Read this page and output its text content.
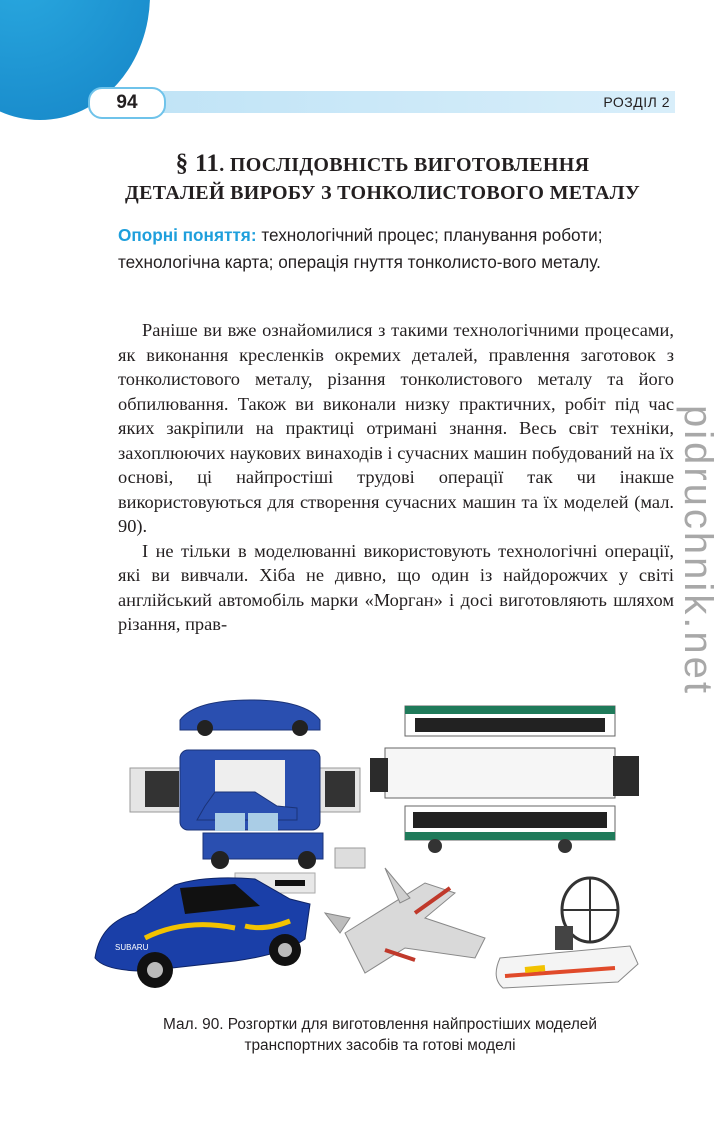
94	РОЗДІЛ 2
§ 11. ПОСЛІДОВНІСТЬ ВИГОТОВЛЕННЯ
ДЕТАЛЕЙ ВИРОБУ З ТОНКОЛИСТОВОГО МЕТАЛУ
Опорні поняття: технологічний процес; планування роботи; технологічна карта; операція гнуття тонколисто-вого металу.

Раніше ви вже ознайомилися з такими технологічними процесами, як виконання кресленків окремих деталей, правлення заготовок з тонколистового металу, різання тонколистового металу та його обпилювання. Також ви виконали низку практичних, робіт під час яких закріпили на практиці отримані знання. Весь світ техніки, захоплюючих наукових винаходів і сучасних машин побудований на їх основі, ці найпростіші трудові операції так чи інакше використовуються для створення сучасних машин та їх моделей (мал. 90).

І не тільки в моделюванні використовують технологічні операції, які ви вивчали. Хіба не дивно, що один із найдорожчих у світі англійський автомобіль марки «Морган» і досі виготовляють шляхом різання, прав-	pidruchnik.net
SUBARU
Мал. 90. Розгортки для виготовлення найпростіших моделей
транспортних засобів та готові моделі
